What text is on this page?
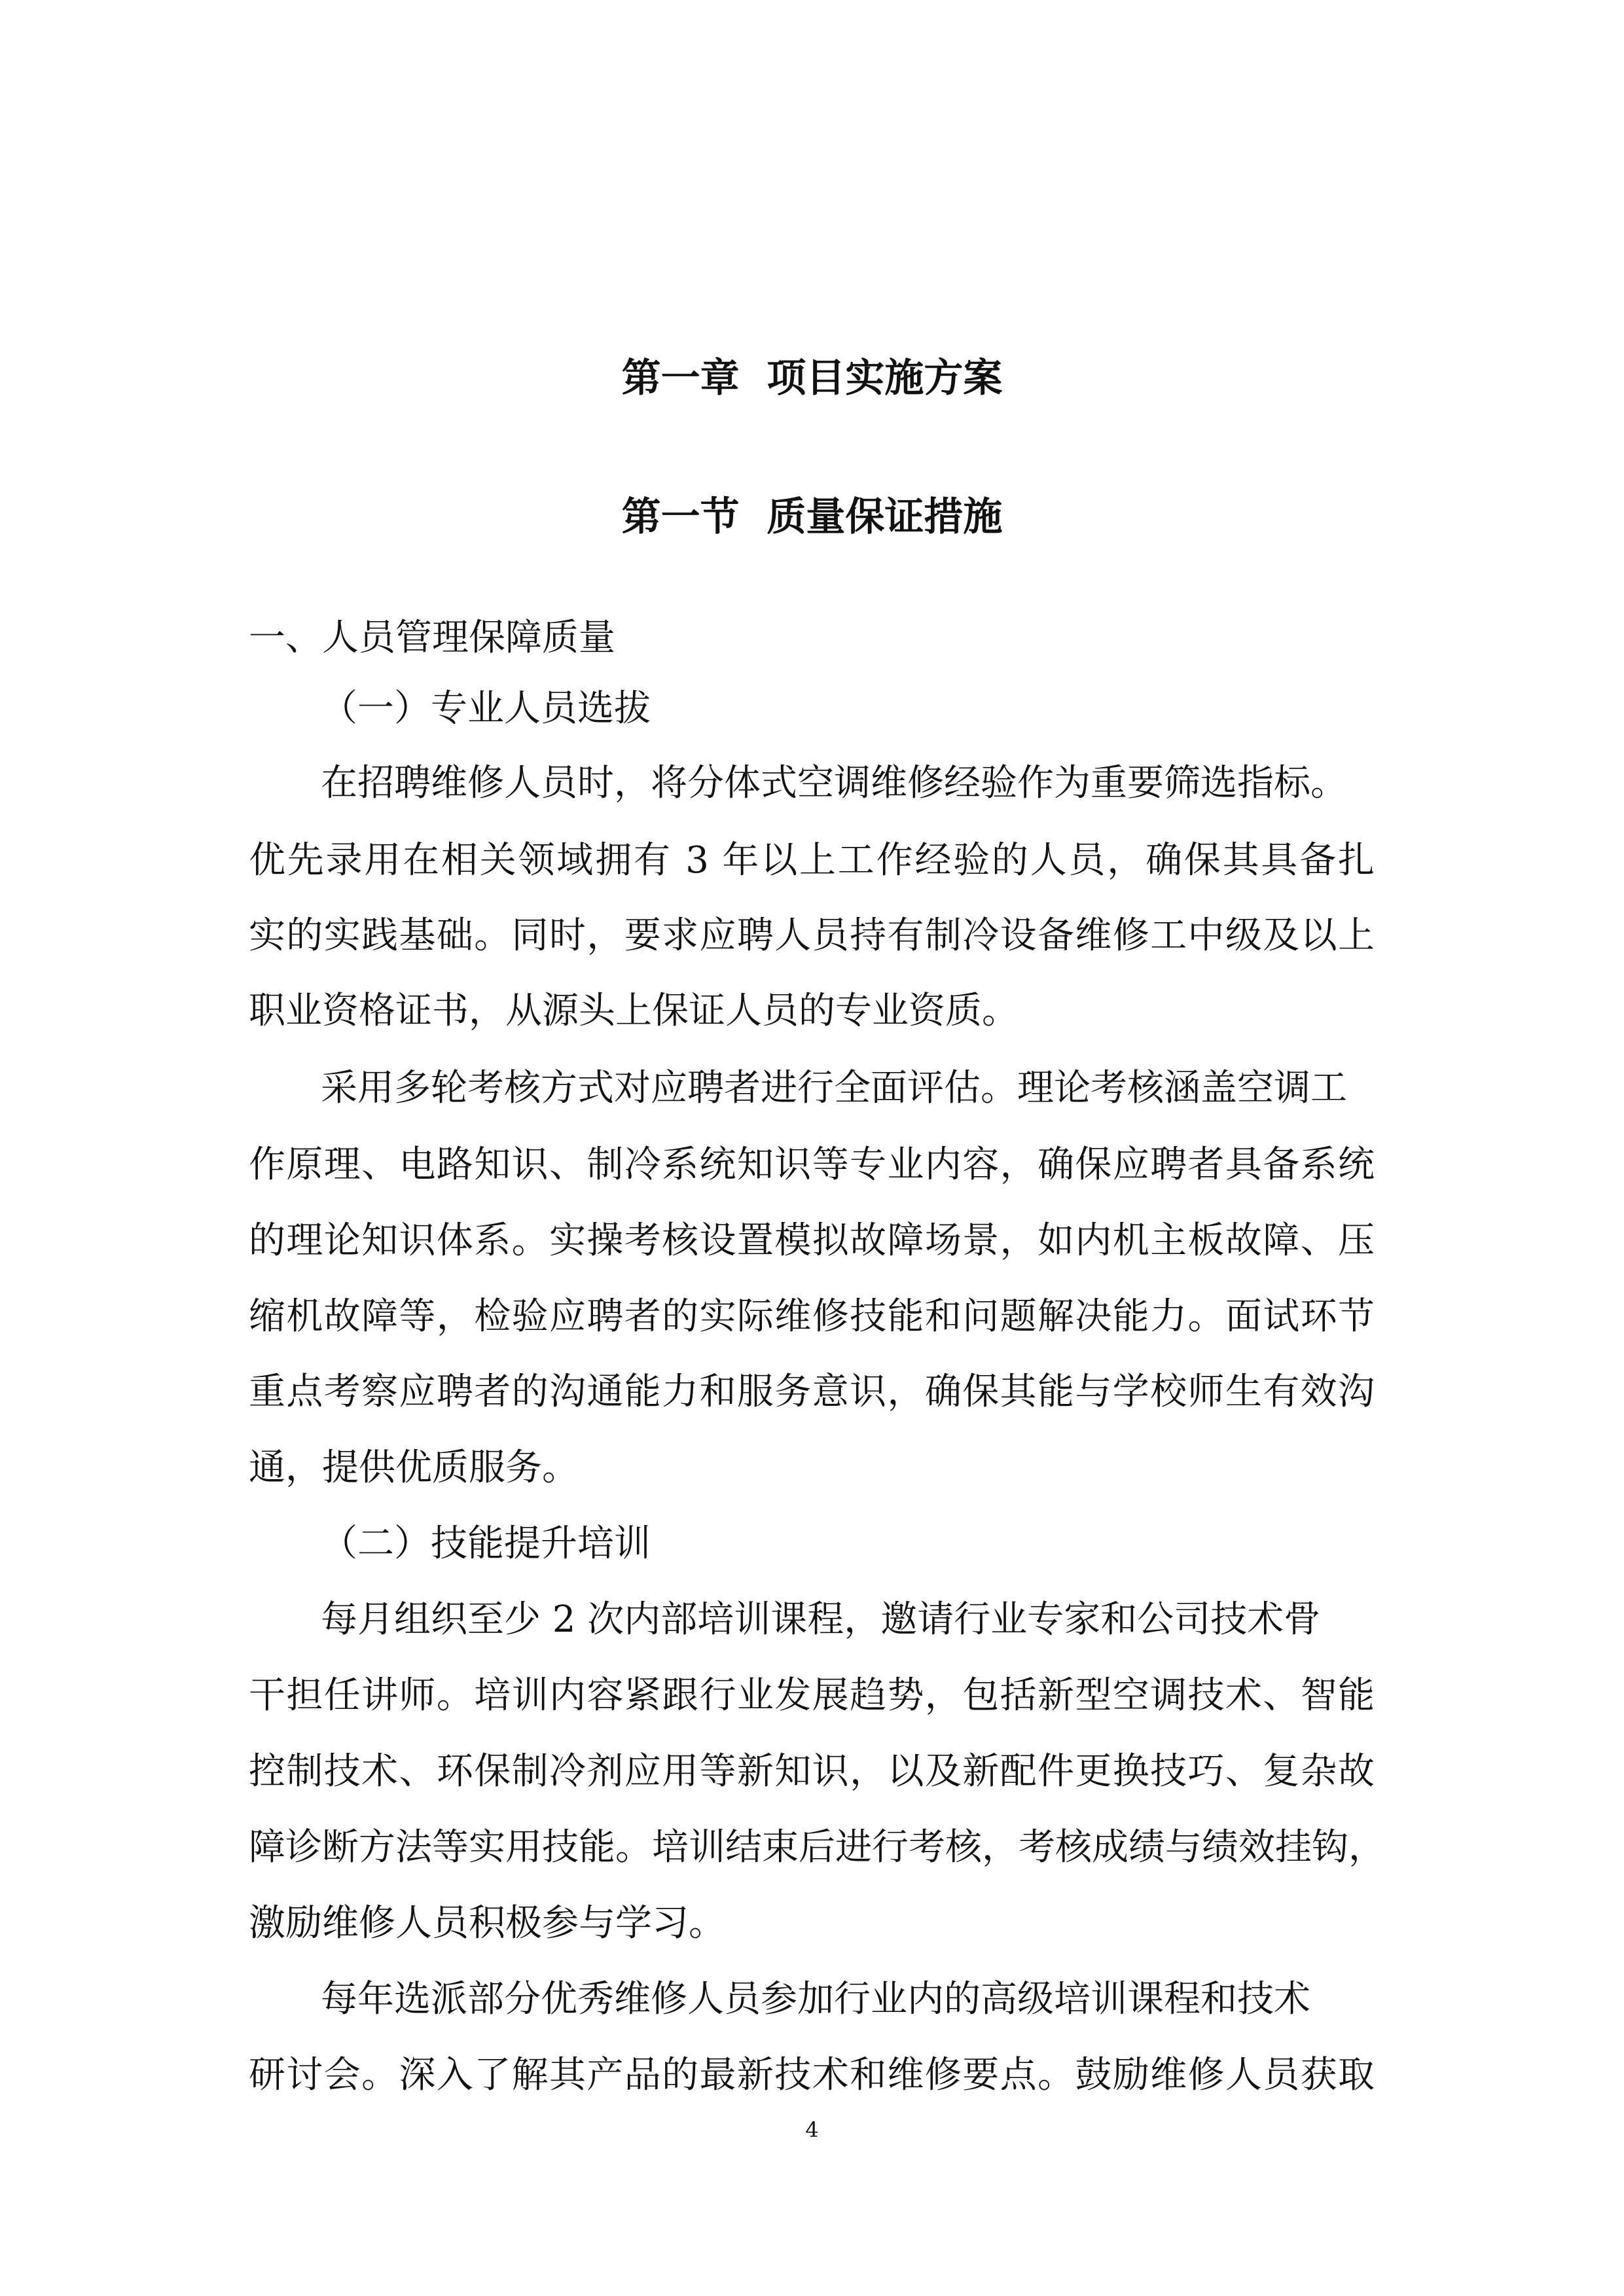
第一章  项目实施方案
第一节  质量保证措施
一、人员管理保障质量
（一）专业人员选拔
在招聘维修人员时，将分体式空调维修经验作为重要筛选指标。
优先录用在相关领域拥有 3 年以上工作经验的人员，确保其具备扎
实的实践基础。同时，要求应聘人员持有制冷设备维修工中级及以上
职业资格证书，从源头上保证人员的专业资质。
采用多轮考核方式对应聘者进行全面评估。理论考核涵盖空调工
作原理、电路知识、制冷系统知识等专业内容，确保应聘者具备系统
的理论知识体系。实操考核设置模拟故障场景，如内机主板故障、压
缩机故障等，检验应聘者的实际维修技能和问题解决能力。面试环节
重点考察应聘者的沟通能力和服务意识，确保其能与学校师生有效沟
通，提供优质服务。
（二）技能提升培训
每月组织至少 2 次内部培训课程，邀请行业专家和公司技术骨
干担任讲师。培训内容紧跟行业发展趋势，包括新型空调技术、智能
控制技术、环保制冷剂应用等新知识，以及新配件更换技巧、复杂故
障诊断方法等实用技能。培训结束后进行考核，考核成绩与绩效挂钩，
激励维修人员积极参与学习。
每年选派部分优秀维修人员参加行业内的高级培训课程和技术
研讨会。深入了解其产品的最新技术和维修要点。鼓励维修人员获取
4
